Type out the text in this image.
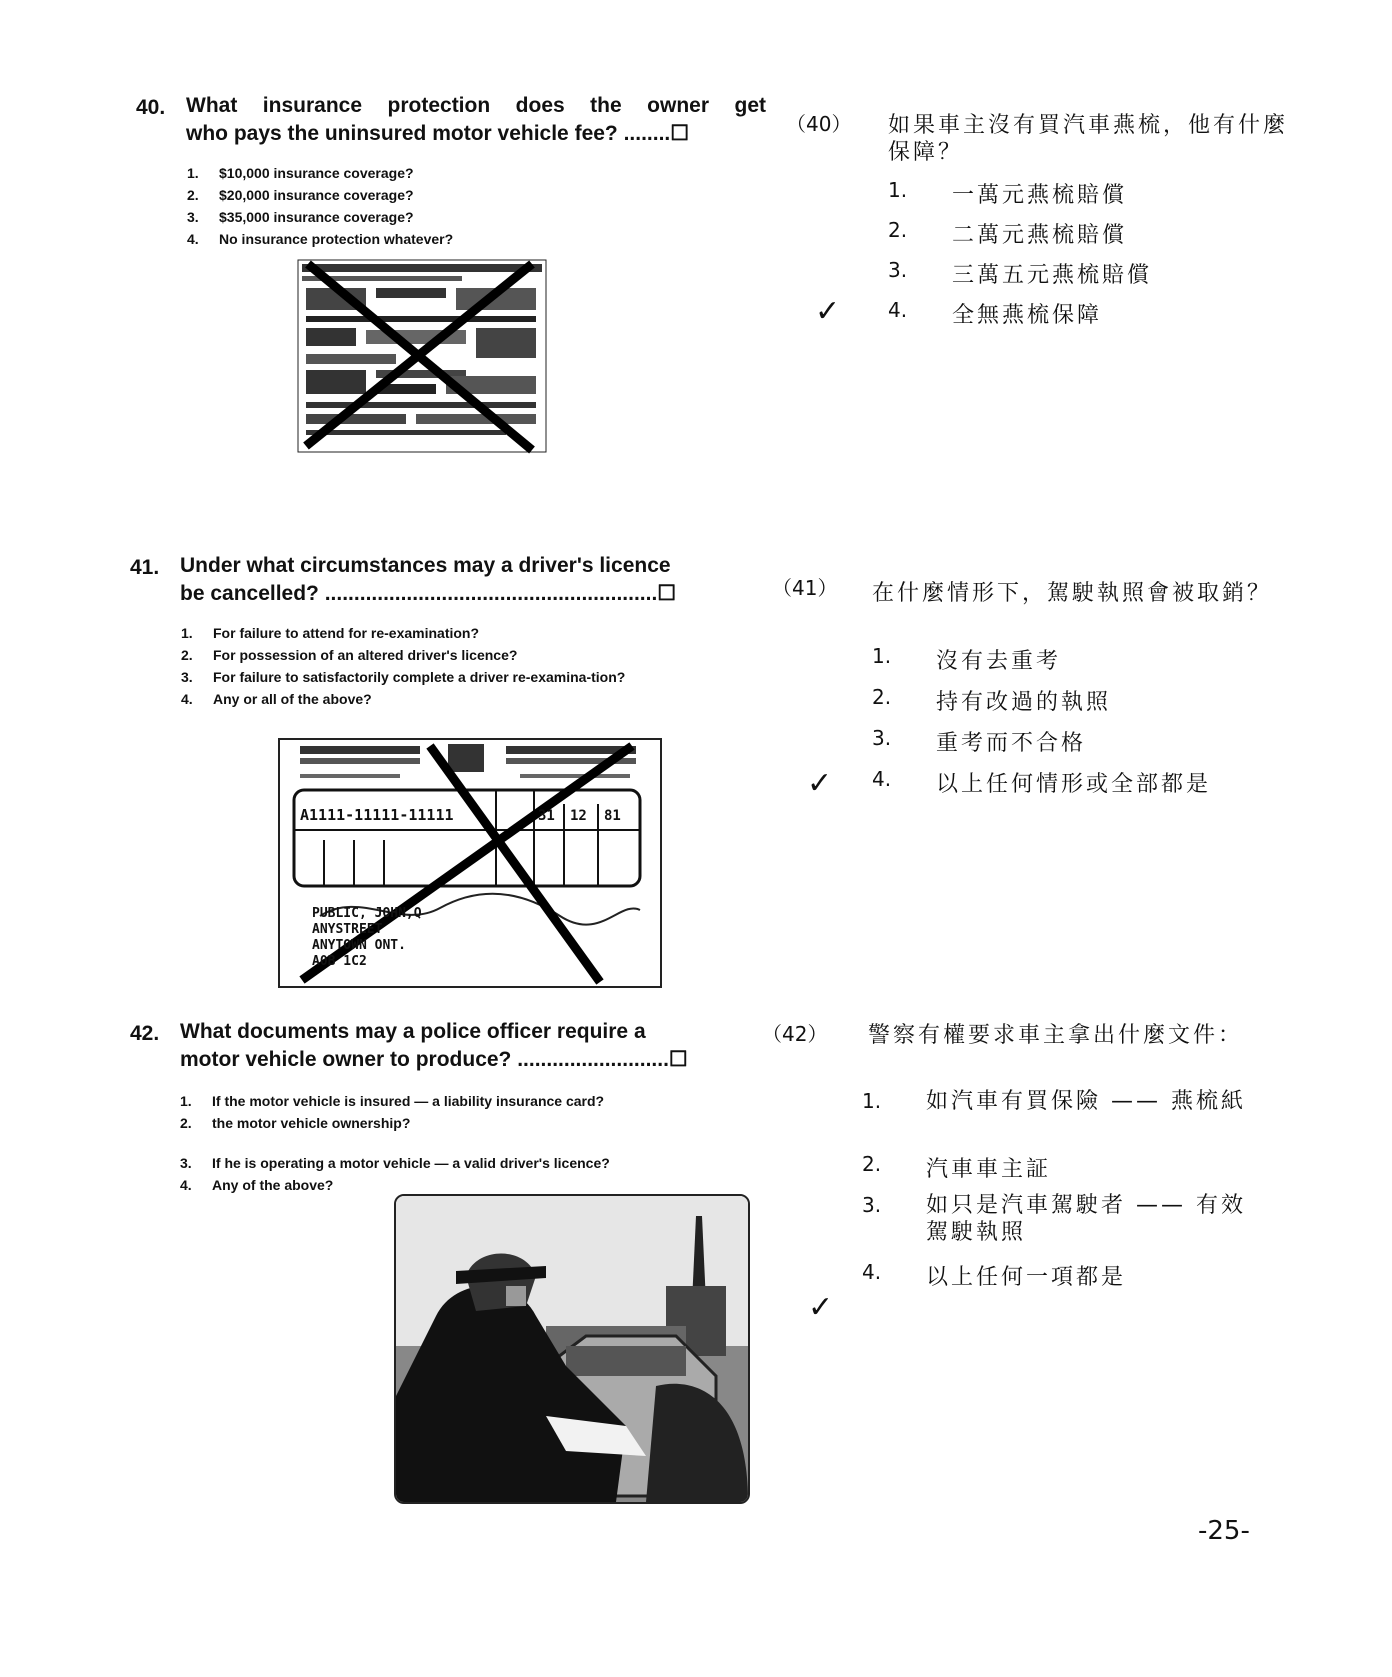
40. What insurance protection does the owner get
who pays the uninsured motor vehicle fee? ........☐
1.	$10,000 insurance coverage?
2.	$20,000 insurance coverage?
3.	$35,000 insurance coverage?
4.	No insurance protection whatever?
（40） 如果車主沒有買汽車燕梳，他有什麼保障？
1.	一萬元燕梳賠償
2.	二萬元燕梳賠償
3.	三萬五元燕梳賠償
4.	全無燕梳保障
✓
41. Under what circumstances may a driver's licence
be cancelled? .........................................................☐
1.	For failure to attend for re-examination?
2.	For possession of an altered driver's licence?
3.	For failure to satisfactorily complete a driver re-examina-tion?
4.	Any or all of the above?
A1111-11111-11111	31 12 81
PUBLIC, JOHN,Q
ANYSTREET
ANYTOWN ONT.
A0B 1C2
（41） 在什麼情形下，駕駛執照會被取銷？
1.	沒有去重考
2.	持有改過的執照
3.	重考而不合格
4.	以上任何情形或全部都是
✓
42. What documents may a police officer require a
motor vehicle owner to produce? ..........................☐
1.	If the motor vehicle is insured — a liability insurance card?
2.	the motor vehicle ownership?
3.	If he is operating a motor vehicle — a valid driver's licence?
4.	Any of the above?
（42） 警察有權要求車主拿出什麼文件：
1.	如汽車有買保險 —— 燕梳紙
2.	汽車車主証
3.	如只是汽車駕駛者 —— 有效駕駛執照
4.	以上任何一項都是
✓
-25-
